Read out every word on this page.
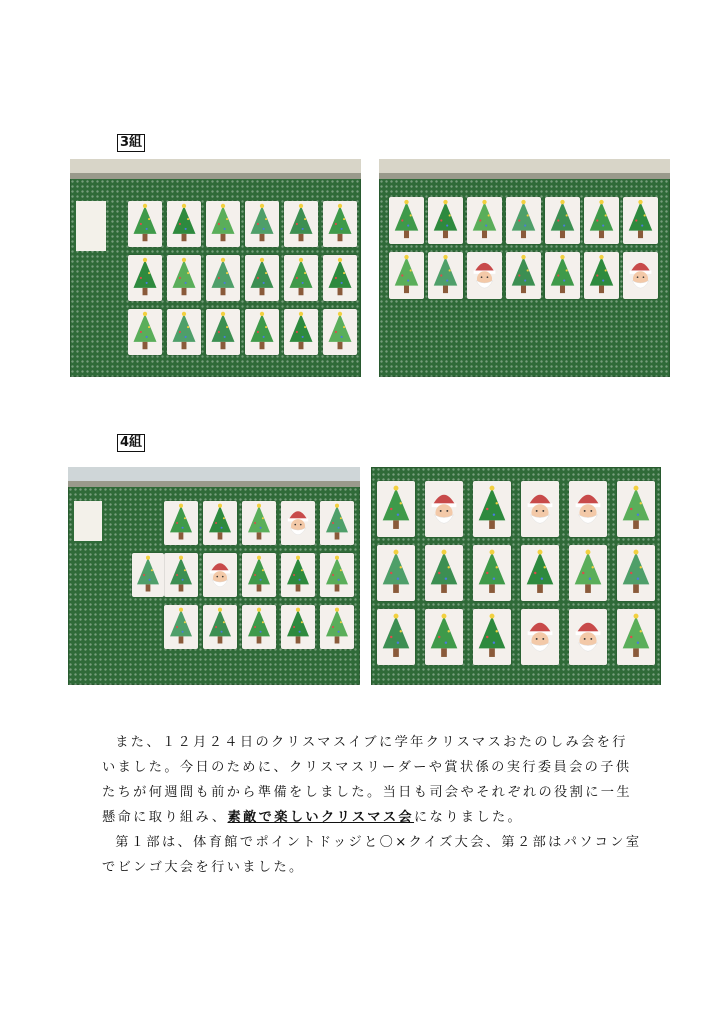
3組
4組

また、１２月２４日のクリスマスイブに学年クリスマスおたのしみ会を行いました。今日のために、クリスマスリーダーや賞状係の実行委員会の子供たちが何週間も前から準備をしました。当日も司会やそれぞれの役割に一生懸命に取り組み、素敵で楽しいクリスマス会になりました。

第１部は、体育館でポイントドッジと〇×クイズ大会、第２部はパソコン室でビンゴ大会を行いました。
